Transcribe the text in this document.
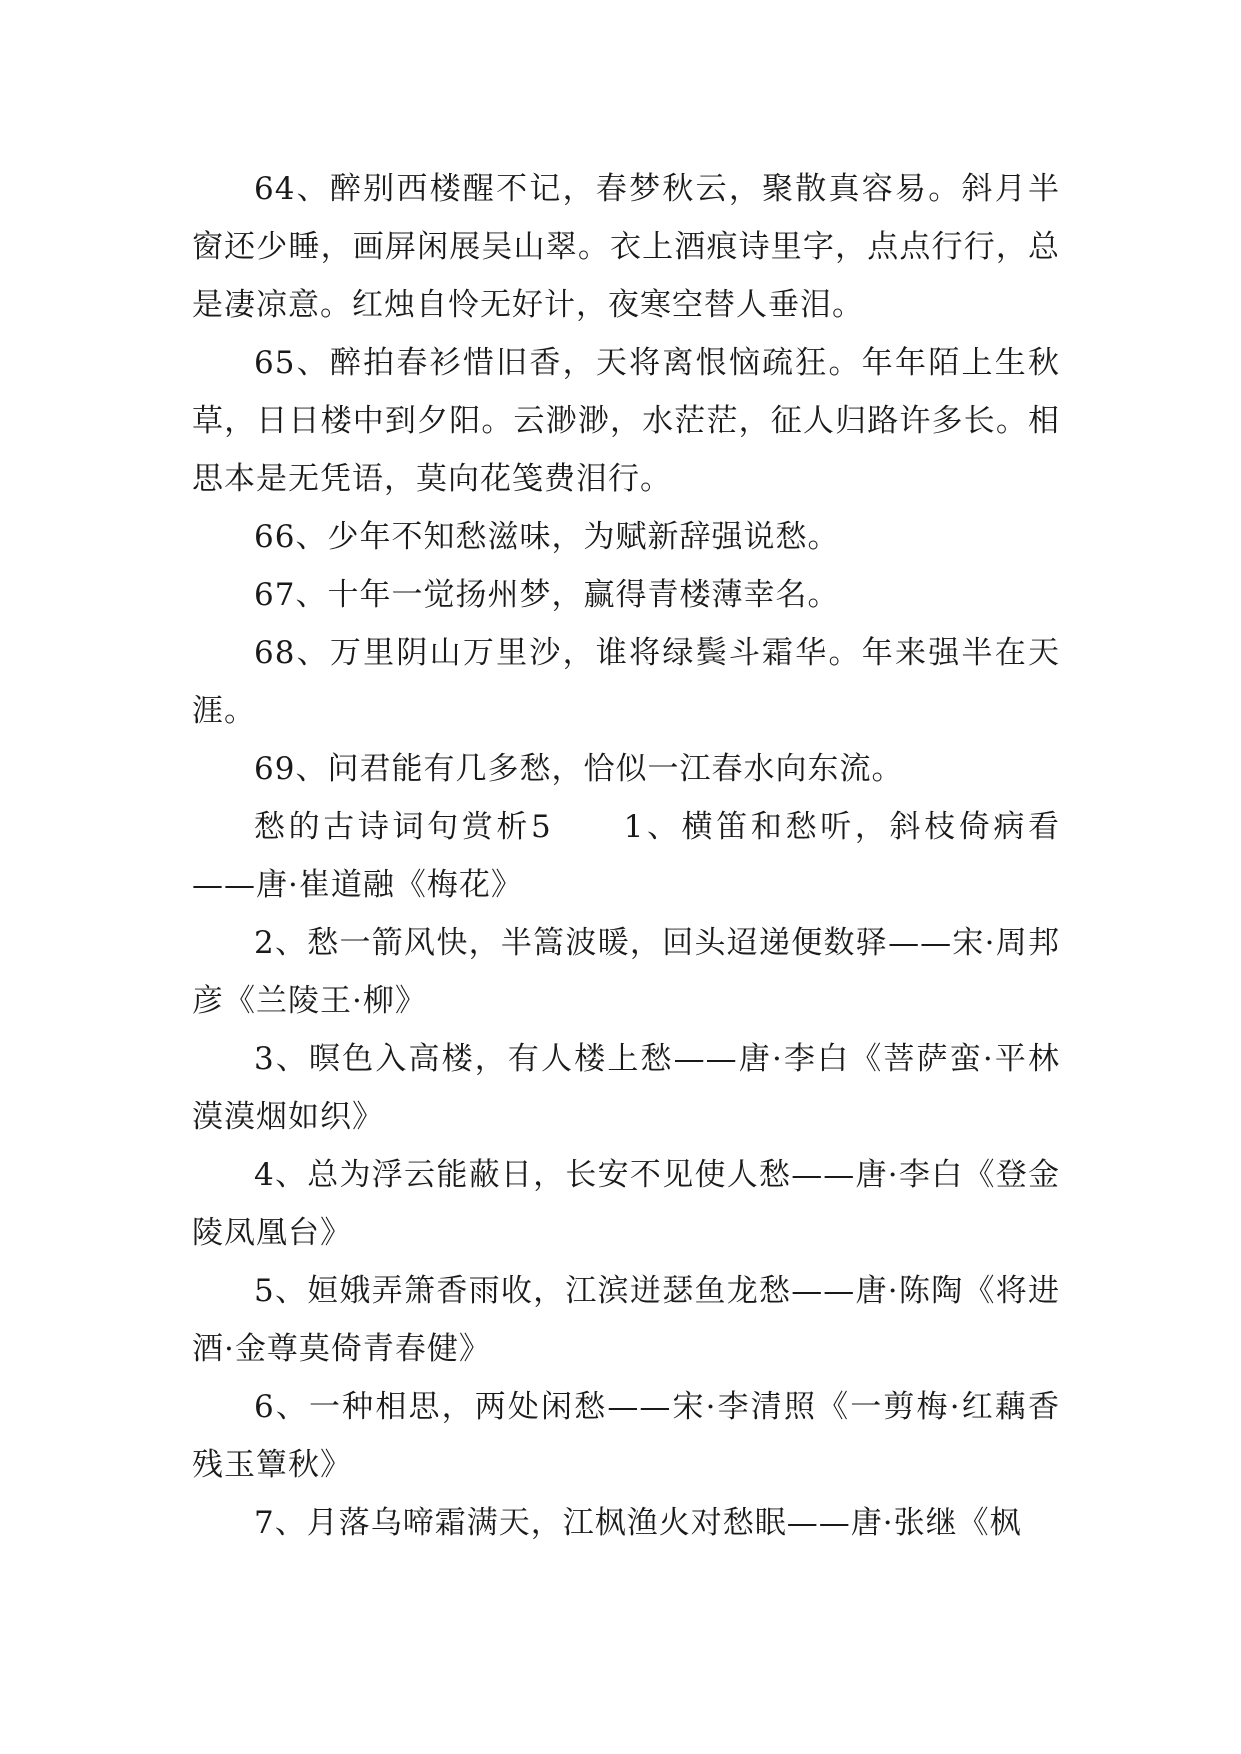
64、醉别西楼醒不记，春梦秋云，聚散真容易。斜月半窗还少睡，画屏闲展吴山翠。衣上酒痕诗里字，点点行行，总是凄凉意。红烛自怜无好计，夜寒空替人垂泪。

65、醉拍春衫惜旧香，天将离恨恼疏狂。年年陌上生秋草，日日楼中到夕阳。云渺渺，水茫茫，征人归路许多长。相思本是无凭语，莫向花笺费泪行。

66、少年不知愁滋味，为赋新辞强说愁。

67、十年一觉扬州梦，赢得青楼薄幸名。

68、万里阴山万里沙，谁将绿鬓斗霜华。年来强半在天涯。

69、问君能有几多愁，恰似一江春水向东流。

愁的古诗词句赏析5　　1、横笛和愁听，斜枝倚病看——唐·崔道融《梅花》

2、愁一箭风快，半篙波暖，回头迢递便数驿——宋·周邦彦《兰陵王·柳》

3、暝色入高楼，有人楼上愁——唐·李白《菩萨蛮·平林漠漠烟如织》

4、总为浮云能蔽日，长安不见使人愁——唐·李白《登金陵凤凰台》

5、姮娥弄箫香雨收，江滨迸瑟鱼龙愁——唐·陈陶《将进酒·金尊莫倚青春健》

6、一种相思，两处闲愁——宋·李清照《一剪梅·红藕香残玉簟秋》

7、月落乌啼霜满天，江枫渔火对愁眠——唐·张继《枫
